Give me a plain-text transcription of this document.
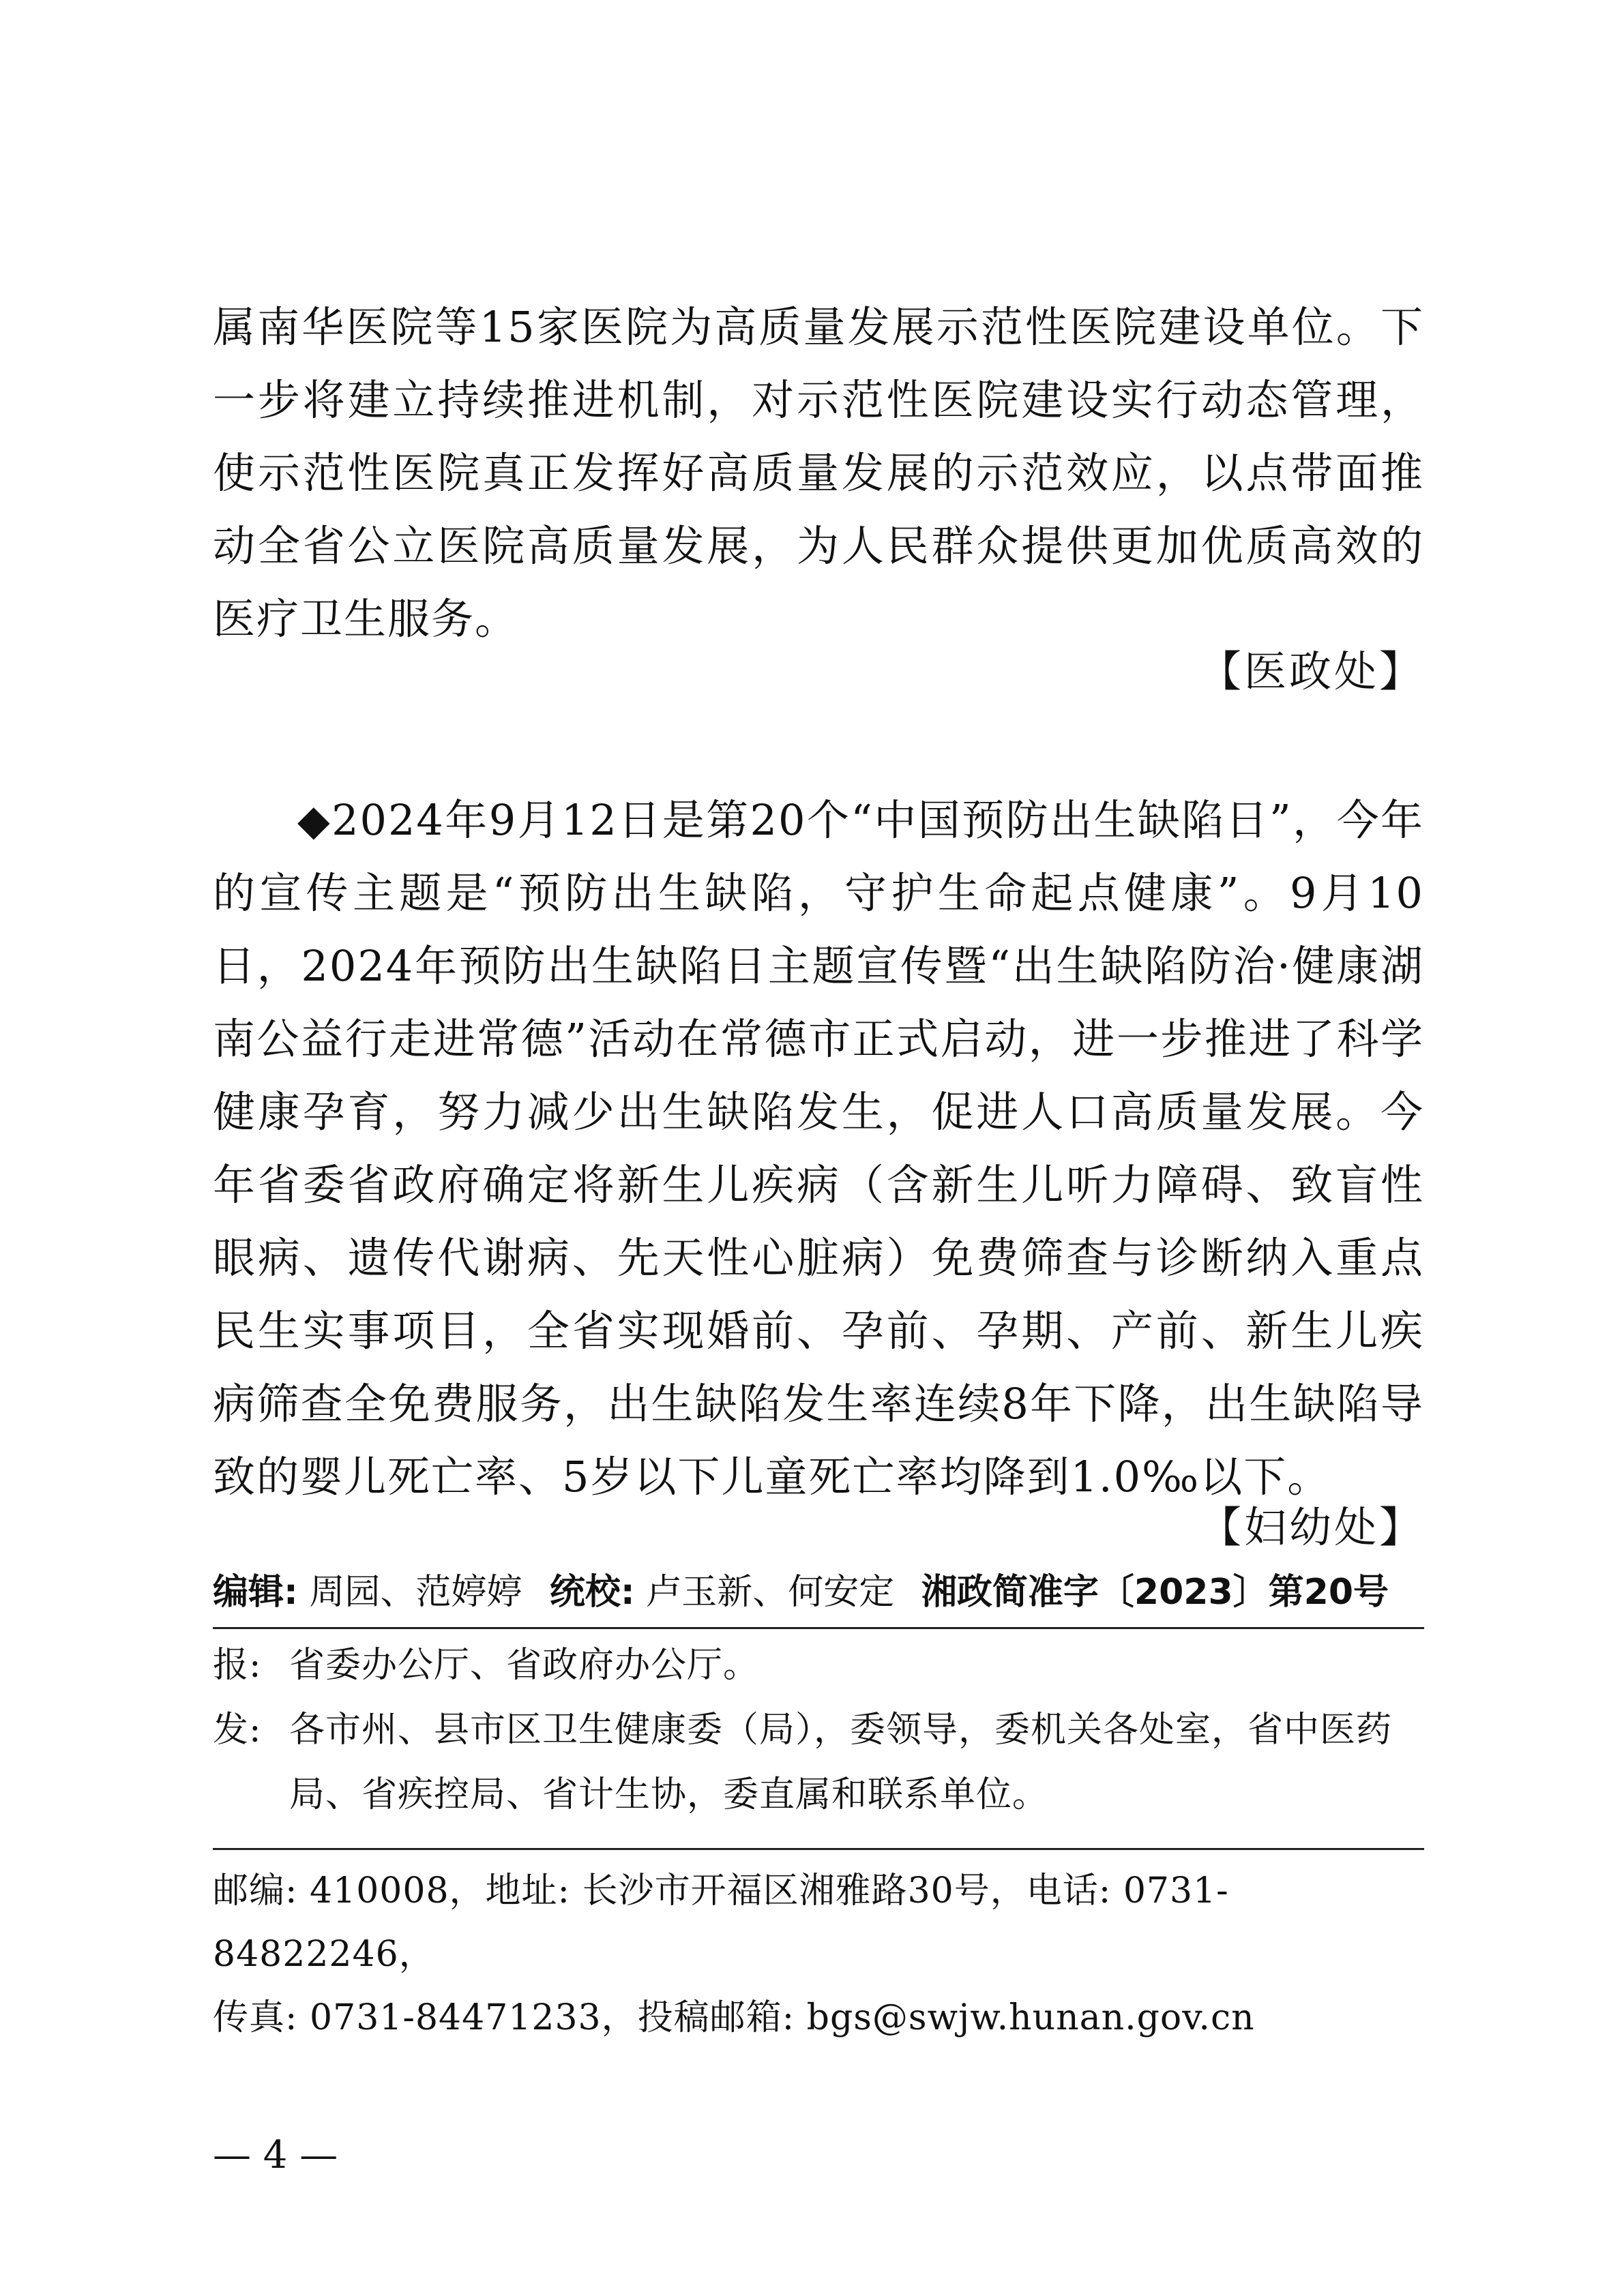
属南华医院等15家医院为高质量发展示范性医院建设单位。下一步将建立持续推进机制，对示范性医院建设实行动态管理，使示范性医院真正发挥好高质量发展的示范效应，以点带面推动全省公立医院高质量发展，为人民群众提供更加优质高效的医疗卫生服务。

【医政处】

◆2024年9月12日是第20个“中国预防出生缺陷日”，今年的宣传主题是“预防出生缺陷，守护生命起点健康”。9月10日，2024年预防出生缺陷日主题宣传暨“出生缺陷防治·健康湖南公益行走进常德”活动在常德市正式启动，进一步推进了科学健康孕育，努力减少出生缺陷发生，促进人口高质量发展。今年省委省政府确定将新生儿疾病（含新生儿听力障碍、致盲性眼病、遗传代谢病、先天性心脏病）免费筛查与诊断纳入重点民生实事项目，全省实现婚前、孕前、孕期、产前、新生儿疾病筛查全免费服务，出生缺陷发生率连续8年下降，出生缺陷导致的婴儿死亡率、5岁以下儿童死亡率均降到1.0‰以下。

【妇幼处】
编辑: 周园、范婷婷 统校: 卢玉新、何安定 湘政简准字〔2023〕第20号
报: 省委办公厅、省政府办公厅。
发: 各市州、县市区卫生健康委（局），委领导，委机关各处室，省中医药局、省疾控局、省计生协，委直属和联系单位。
邮编: 410008，地址: 长沙市开福区湘雅路30号，电话: 0731-84822246，
传真: 0731-84471233，投稿邮箱: bgs@swjw.hunan.gov.cn
— 4 —
